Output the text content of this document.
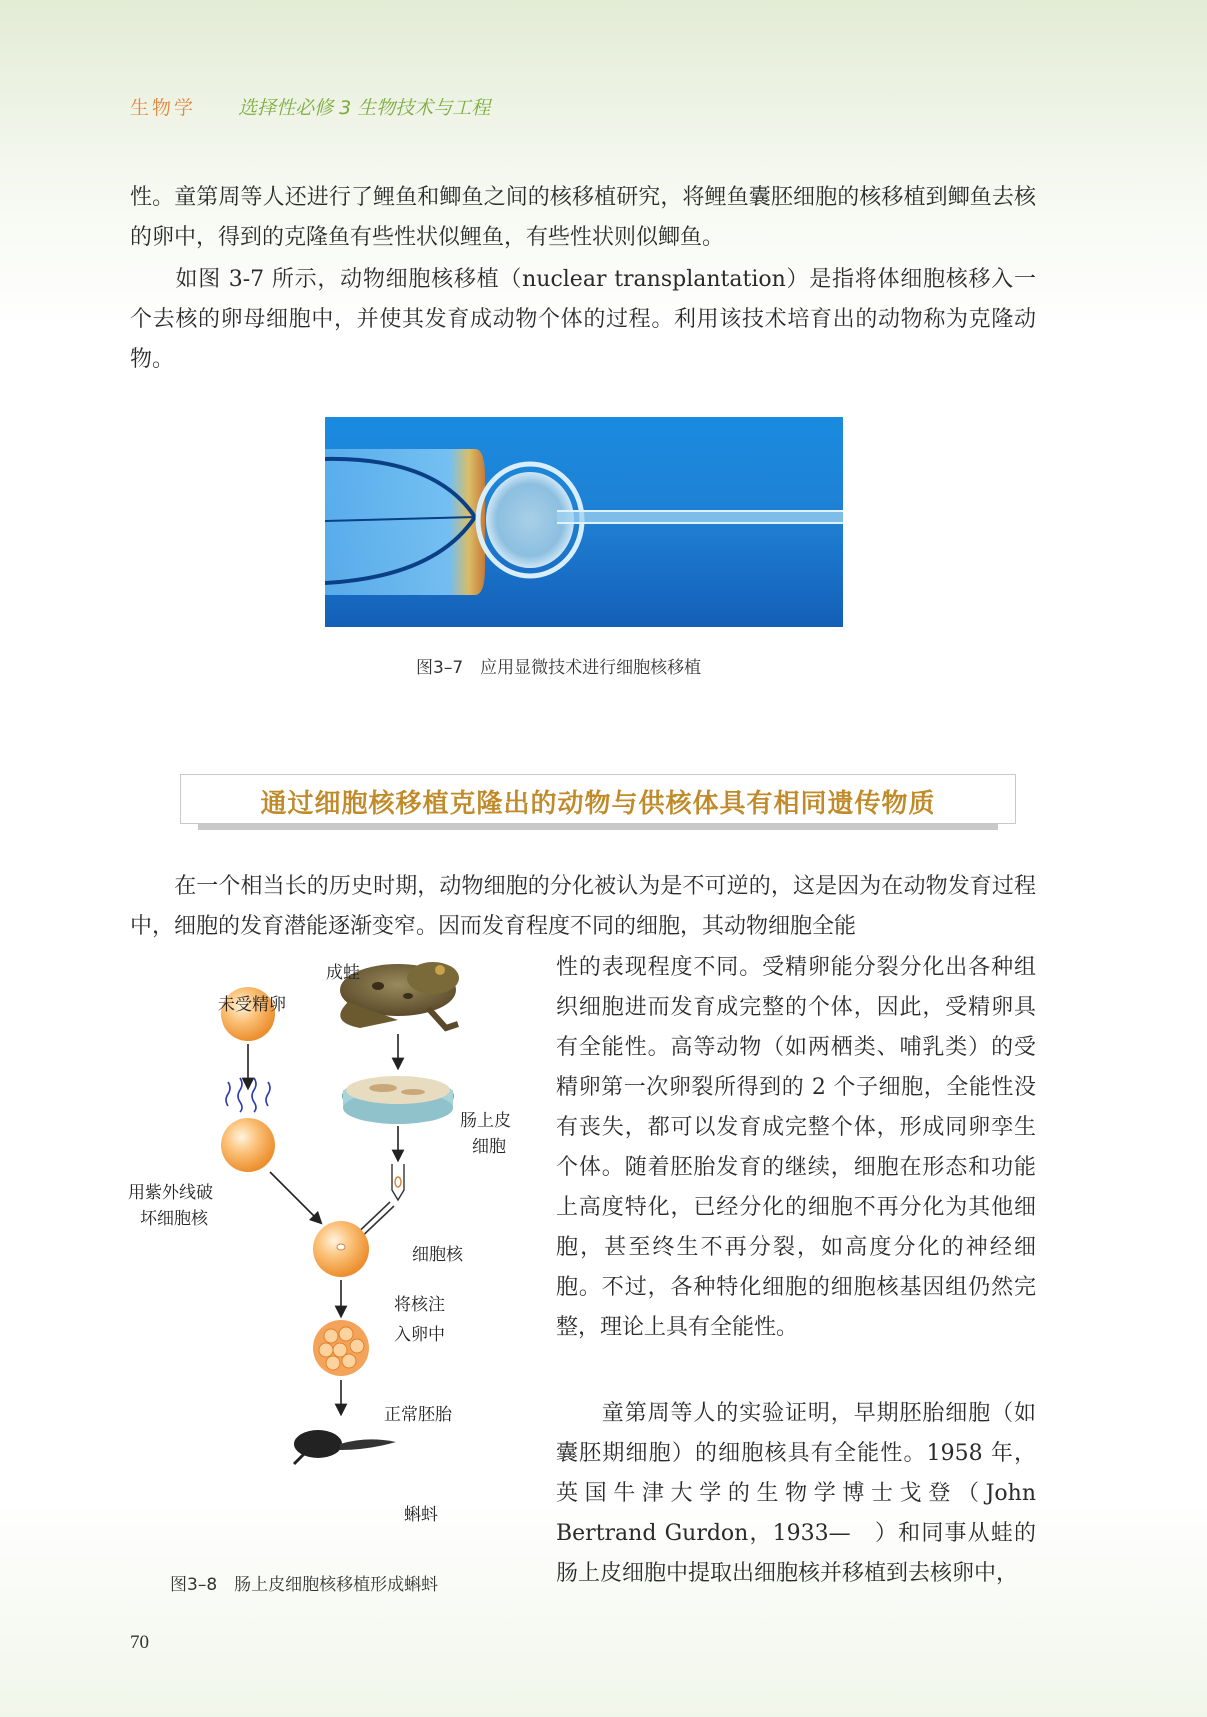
生物学 选择性必修 3 生物技术与工程

性。童第周等人还进行了鲤鱼和鲫鱼之间的核移植研究，将鲤鱼囊胚细胞的核移植到鲫鱼去核的卵中，得到的克隆鱼有些性状似鲤鱼，有些性状则似鲫鱼。

　　如图 3-7 所示，动物细胞核移植（nuclear transplantation）是指将体细胞核移入一个去核的卵母细胞中，并使其发育成动物个体的过程。利用该技术培育出的动物称为克隆动物。

图3–7　应用显微技术进行细胞核移植
通过细胞核移植克隆出的动物与供核体具有相同遗传物质

　　在一个相当长的历史时期，动物细胞的分化被认为是不可逆的，这是因为在动物发育过程中，细胞的发育潜能逐渐变窄。因而发育程度不同的细胞，其动物细胞全能

性的表现程度不同。受精卵能分裂分化出各种组织细胞进而发育成完整的个体，因此，受精卵具有全能性。高等动物（如两栖类、哺乳类）的受精卵第一次卵裂所得到的 2 个子细胞，全能性没有丧失，都可以发育成完整个体，形成同卵孪生个体。随着胚胎发育的继续，细胞在形态和功能上高度特化，已经分化的细胞不再分化为其他细胞，甚至终生不再分裂，如高度分化的神经细胞。不过，各种特化细胞的细胞核基因组仍然完整，理论上具有全能性。

　　童第周等人的实验证明，早期胚胎细胞（如囊胚期细胞）的细胞核具有全能性。1958 年，英国牛津大学的生物学博士戈登（John Bertrand Gurdon，1933—　）和同事从蛙的肠上皮细胞中提取出细胞核并移植到去核卵中，

成蛙
未受精卵
用紫外线破
坏细胞核
肠上皮
细胞
细胞核
将核注
入卵中
正常胚胎
蝌蚪
图3–8　肠上皮细胞核移植形成蝌蚪
70
